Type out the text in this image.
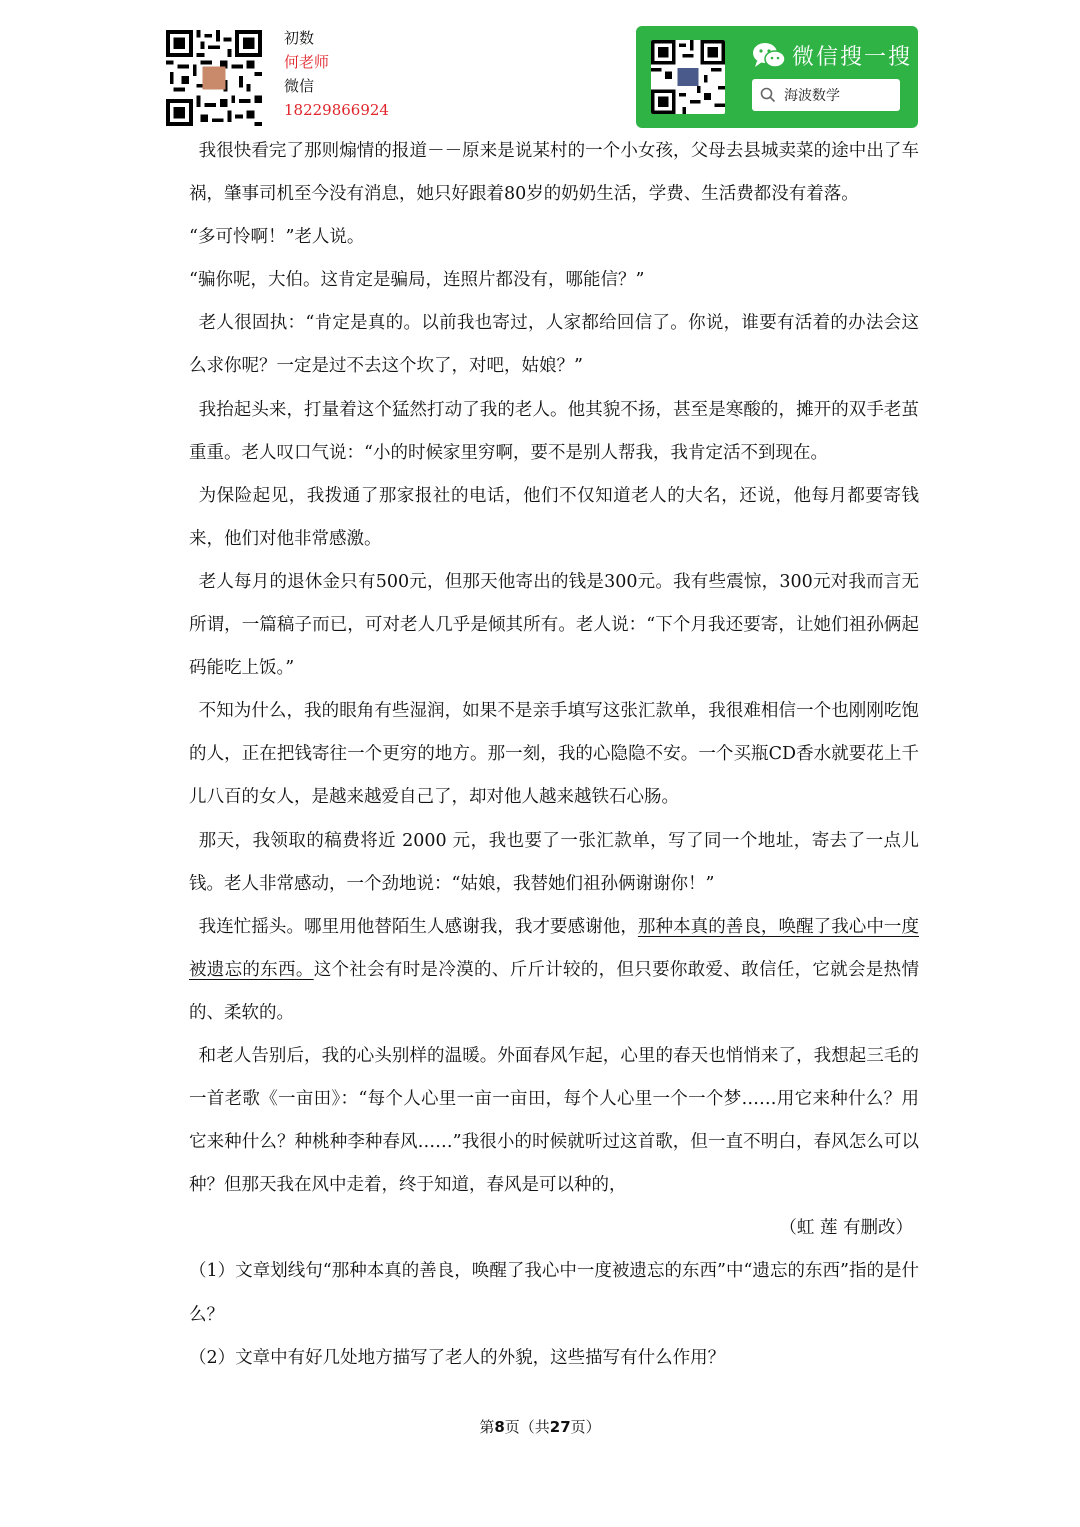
初数
何老师
微信
18229866924
微信搜一搜
海波数学

我很快看完了那则煽情的报道－－原来是说某村的一个小女孩，父母去县城卖菜的途中出了车祸，肇事司机至今没有消息，她只好跟着80岁的奶奶生活，学费、生活费都没有着落。

“多可怜啊！”老人说。

“骗你呢，大伯。这肯定是骗局，连照片都没有，哪能信？”

老人很固执：“肯定是真的。以前我也寄过，人家都给回信了。你说，谁要有活着的办法会这么求你呢？一定是过不去这个坎了，对吧，姑娘？”

我抬起头来，打量着这个猛然打动了我的老人。他其貌不扬，甚至是寒酸的，摊开的双手老茧重重。老人叹口气说：“小的时候家里穷啊，要不是别人帮我，我肯定活不到现在。

为保险起见，我拨通了那家报社的电话，他们不仅知道老人的大名，还说，他每月都要寄钱来，他们对他非常感激。

老人每月的退休金只有500元，但那天他寄出的钱是300元。我有些震惊，300元对我而言无所谓，一篇稿子而已，可对老人几乎是倾其所有。老人说：“下个月我还要寄，让她们祖孙俩起码能吃上饭。”

不知为什么，我的眼角有些湿润，如果不是亲手填写这张汇款单，我很难相信一个也刚刚吃饱的人，正在把钱寄往一个更穷的地方。那一刻，我的心隐隐不安。一个买瓶CD香水就要花上千儿八百的女人，是越来越爱自己了，却对他人越来越铁石心肠。

那天，我领取的稿费将近 2000 元，我也要了一张汇款单，写了同一个地址，寄去了一点儿钱。老人非常感动，一个劲地说：“姑娘，我替她们祖孙俩谢谢你！”

我连忙摇头。哪里用他替陌生人感谢我，我才要感谢他，那种本真的善良，唤醒了我心中一度被遗忘的东西。这个社会有时是冷漠的、斤斤计较的，但只要你敢爱、敢信任，它就会是热情的、柔软的。

和老人告别后，我的心头别样的温暖。外面春风乍起，心里的春天也悄悄来了，我想起三毛的一首老歌《一亩田》：“每个人心里一亩一亩田，每个人心里一个一个梦……用它来种什么？用它来种什么？种桃种李种春风……”我很小的时候就听过这首歌，但一直不明白，春风怎么可以种？但那天我在风中走着，终于知道，春风是可以种的，

（虹 莲 有删改）

（1）文章划线句“那种本真的善良，唤醒了我心中一度被遗忘的东西”中“遗忘的东西”指的是什么？

（2）文章中有好几处地方描写了老人的外貌，这些描写有什么作用？

第8页（共27页）
